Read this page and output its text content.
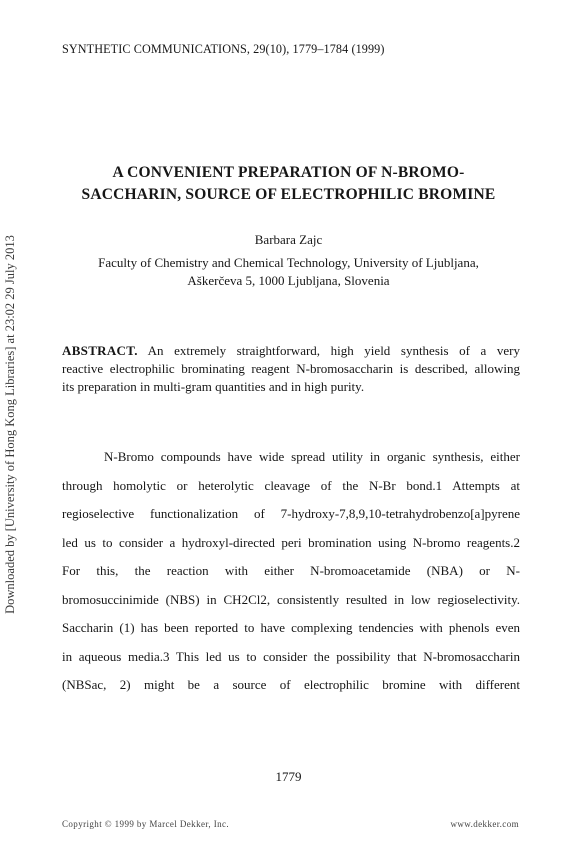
SYNTHETIC COMMUNICATIONS, 29(10), 1779–1784 (1999)
Downloaded by [University of Hong Kong Libraries] at 23:02 29 July 2013
A CONVENIENT PREPARATION OF N-BROMO-
SACCHARIN, SOURCE OF ELECTROPHILIC BROMINE
Barbara Zajc
Faculty of Chemistry and Chemical Technology, University of Ljubljana,
Aškerčeva 5, 1000 Ljubljana, Slovenia
ABSTRACT. An extremely straightforward, high yield synthesis of a very
reactive electrophilic brominating reagent N-bromosaccharin is described, allowing
its preparation in multi-gram quantities and in high purity.
N-Bromo compounds have wide spread utility in organic synthesis, either
through homolytic or heterolytic cleavage of the N-Br bond.1 Attempts at
regioselective functionalization of 7-hydroxy-7,8,9,10-tetrahydrobenzo[a]pyrene
led us to consider a hydroxyl-directed peri bromination using N-bromo reagents.2
For this, the reaction with either N-bromoacetamide (NBA) or N-
bromosuccinimide (NBS) in CH2Cl2, consistently resulted in low regioselectivity.
Saccharin (1) has been reported to have complexing tendencies with phenols even
in aqueous media.3 This led us to consider the possibility that N-bromosaccharin
(NBSac, 2) might be a source of electrophilic bromine with different
1779
Copyright © 1999 by Marcel Dekker, Inc.	www.dekker.com
